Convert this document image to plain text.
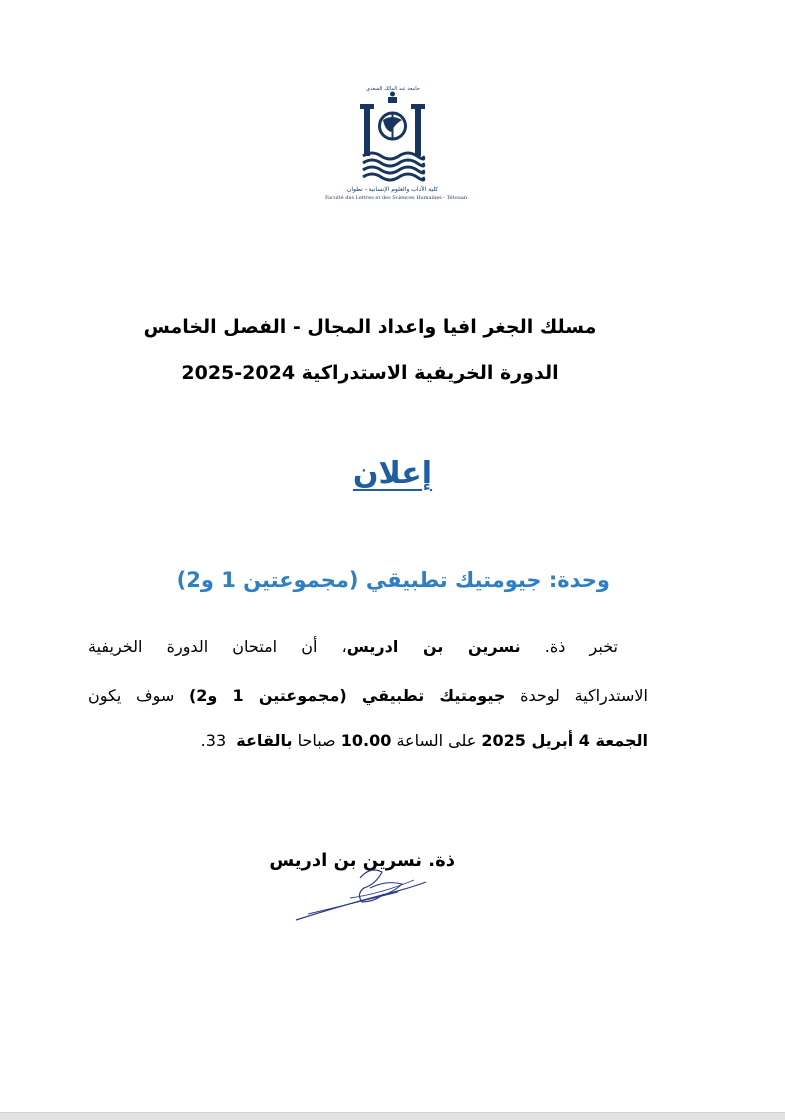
جامعة عبد المالك السعدي
كلية الآداب والعلوم الإنسانية - تطوان
Faculté des Lettres et des Sciences Humaines - Tétouan
مسلك الجغر افيا واعداد المجال - الفصل الخامس
الدورة الخريفية الاستدراكية 2024-2025
إعلان
وحدة: جيومتيك تطبيقي (مجموعتين 1 و2)
تخبر ذة. نسرين بن ادريس، أن امتحان الدورة الخريفية
الاستدراكية لوحدة جيومتيك تطبيقي (مجموعتين 1 و2) سوف يكون
الجمعة 4 أبريل 2025 على الساعة 10.00 صباحا بالقاعة  33.
ذة. نسرين بن ادريس
